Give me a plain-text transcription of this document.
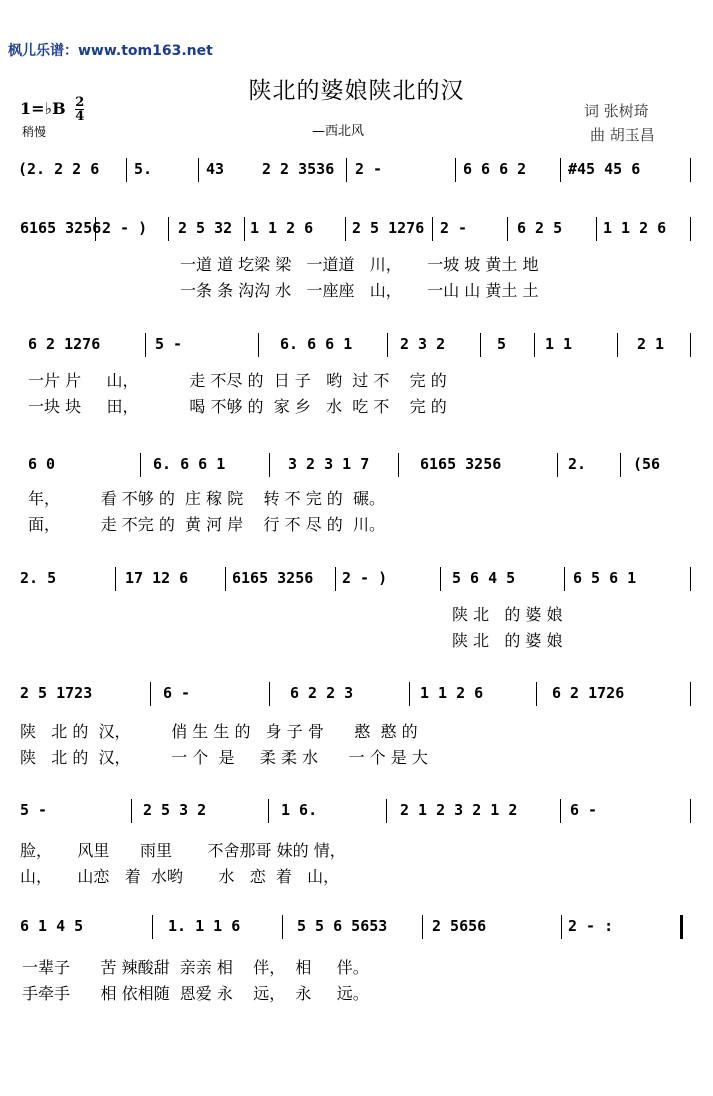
枫儿乐谱：www.tom163.net
陕北的婆娘陕北的汉
1=♭B $\frac{2}{4}$
稍慢	—西北风
词 张树琦
曲 胡玉昌
(2. 2 2 6 5.	43	2 2 3536 2 -	6 6 6 2	#45 45 6
6165 3256 2 - ) 2 5 32 1 1 2 6	2 5 1276 2 -	6 2 5	1 1 2 6
一道 道 圪梁 梁   一道道   川，     一坡 坡 黄土 地
一条 条 沟沟 水   一座座   山，     一山 山 黄土 土
6 2 1276	5 -	6. 6 6 1	2 3 2	5	1 1	2 1
一片 片     山，          走 不尽 的  日 子   哟  过 不    完 的
一块 块     田，          喝 不够 的  家 乡   水  吃 不    完 的
6 0	6. 6 6 1	3 2 3 1 7	6165 3256	2.	(56
年，        看 不够 的  庄 稼 院    转 不 完 的  碾。
面，        走 不完 的  黄 河 岸    行 不 尽 的  川。
2. 5	17 12 6	6165 3256 2 - )	5 6 4 5	6 5 6 1
陕 北   的 婆 娘
陕 北   的 婆 娘
2 5 1723	6 -	6 2 2 3	1 1 2 6	6 2 1726
陕   北 的  汉，        俏 生 生 的   身 子 骨      憨  憨 的
陕   北 的  汉，        一 个  是     柔 柔 水      一 个 是 大
5 -	2 5 3 2	1 6.	2 1 2 3 2 1 2	6 -
脸，     风里      雨里       不舍那哥 妹的 情，
山，     山恋   着  水哟       水   恋  着   山，
6 1 4 5	1. 1 1 6	5 5 6 5653	2 5656	2 - :
一辈子      苦 辣酸甜  亲亲 相    伴，  相     伴。
手牵手      相 依相随  恩爱 永    远，  永     远。
